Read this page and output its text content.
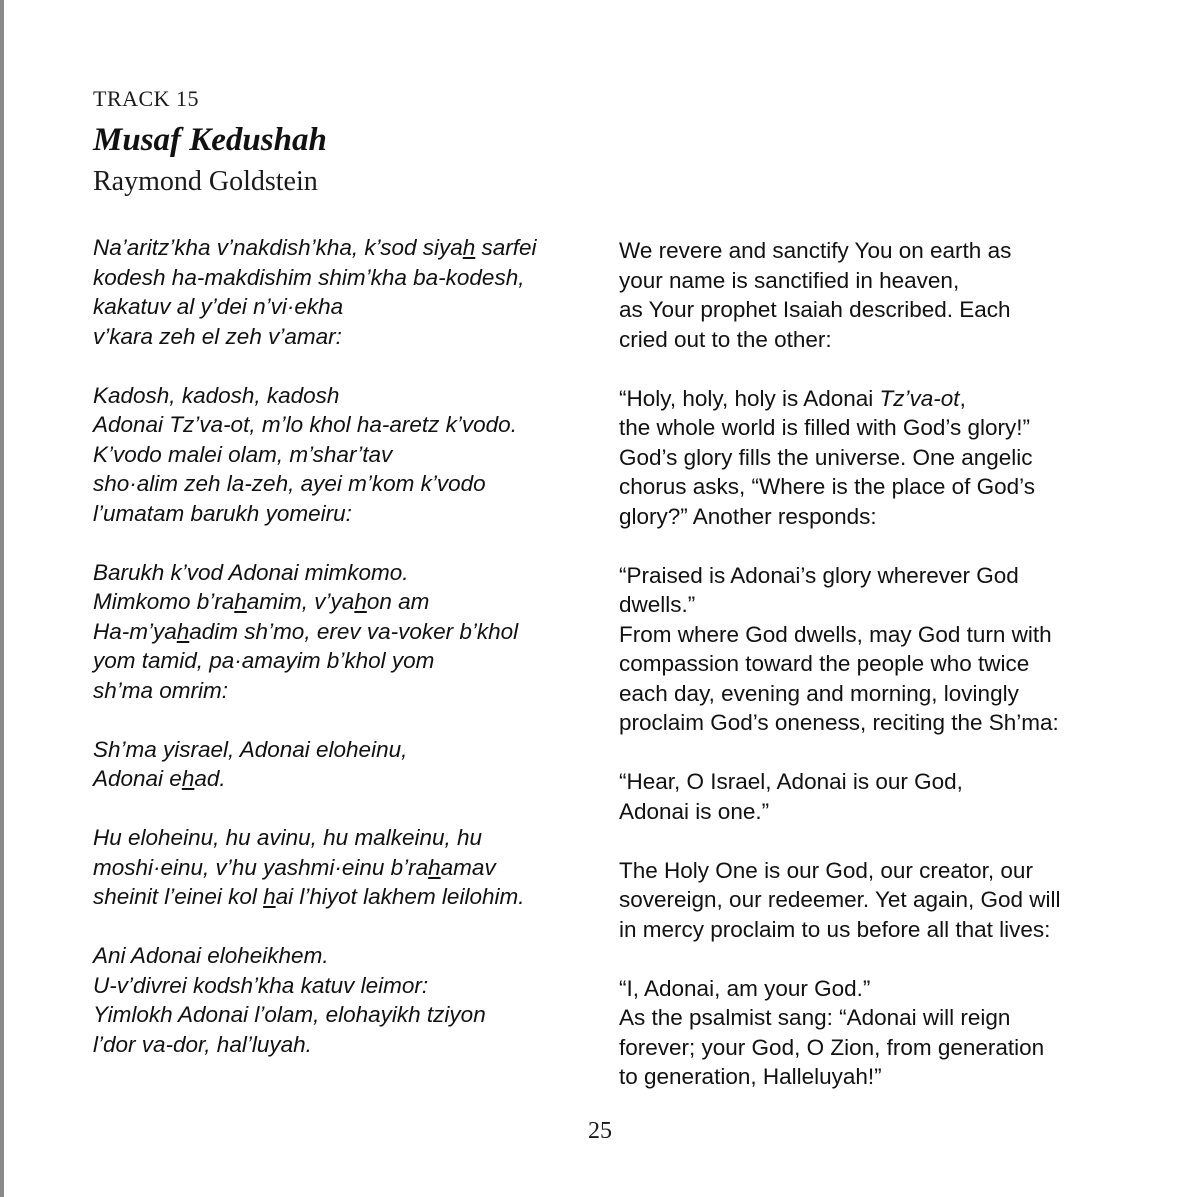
TRACK 15
Musaf Kedushah
Raymond Goldstein
Na’aritz’kha v’nakdish’kha, k’sod siyah sarfei
kodesh ha-makdishim shim’kha ba-kodesh,
kakatuv al y’dei n’vi·ekha
v’kara zeh el zeh v’amar:
Kadosh, kadosh, kadosh
Adonai Tz’va-ot, m’lo khol ha-aretz k’vodo.
K’vodo malei olam, m’shar’tav
sho·alim zeh la-zeh, ayei m’kom k’vodo
l’umatam barukh yomeiru:
Barukh k’vod Adonai mimkomo.
Mimkomo b’rahamim, v’yahon am
Ha-m’yahadim sh’mo, erev va-voker b’khol
yom tamid, pa·amayim b’khol yom
sh’ma omrim:
Sh’ma yisrael, Adonai eloheinu,
Adonai ehad.
Hu eloheinu, hu avinu, hu malkeinu, hu
moshi·einu, v’hu yashmi·einu b’rahamav
sheinit l’einei kol hai l’hiyot lakhem leilohim.
Ani Adonai eloheikhem.
U-v’divrei kodsh’kha katuv leimor:
Yimlokh Adonai l’olam, elohayikh tziyon
l’dor va-dor, hal’luyah.
We revere and sanctify You on earth as
your name is sanctified in heaven,
as Your prophet Isaiah described. Each
cried out to the other:
“Holy, holy, holy is Adonai Tz’va-ot,
the whole world is filled with God’s glory!”
God’s glory fills the universe. One angelic
chorus asks, “Where is the place of God’s
glory?” Another responds:
“Praised is Adonai’s glory wherever God
dwells.”
From where God dwells, may God turn with
compassion toward the people who twice
each day, evening and morning, lovingly
proclaim God’s oneness, reciting the Sh’ma:
“Hear, O Israel, Adonai is our God,
Adonai is one.”
The Holy One is our God, our creator, our
sovereign, our redeemer. Yet again, God will
in mercy proclaim to us before all that lives:
“I, Adonai, am your God.”
As the psalmist sang: “Adonai will reign
forever; your God, O Zion, from generation
to generation, Halleluyah!”
25
